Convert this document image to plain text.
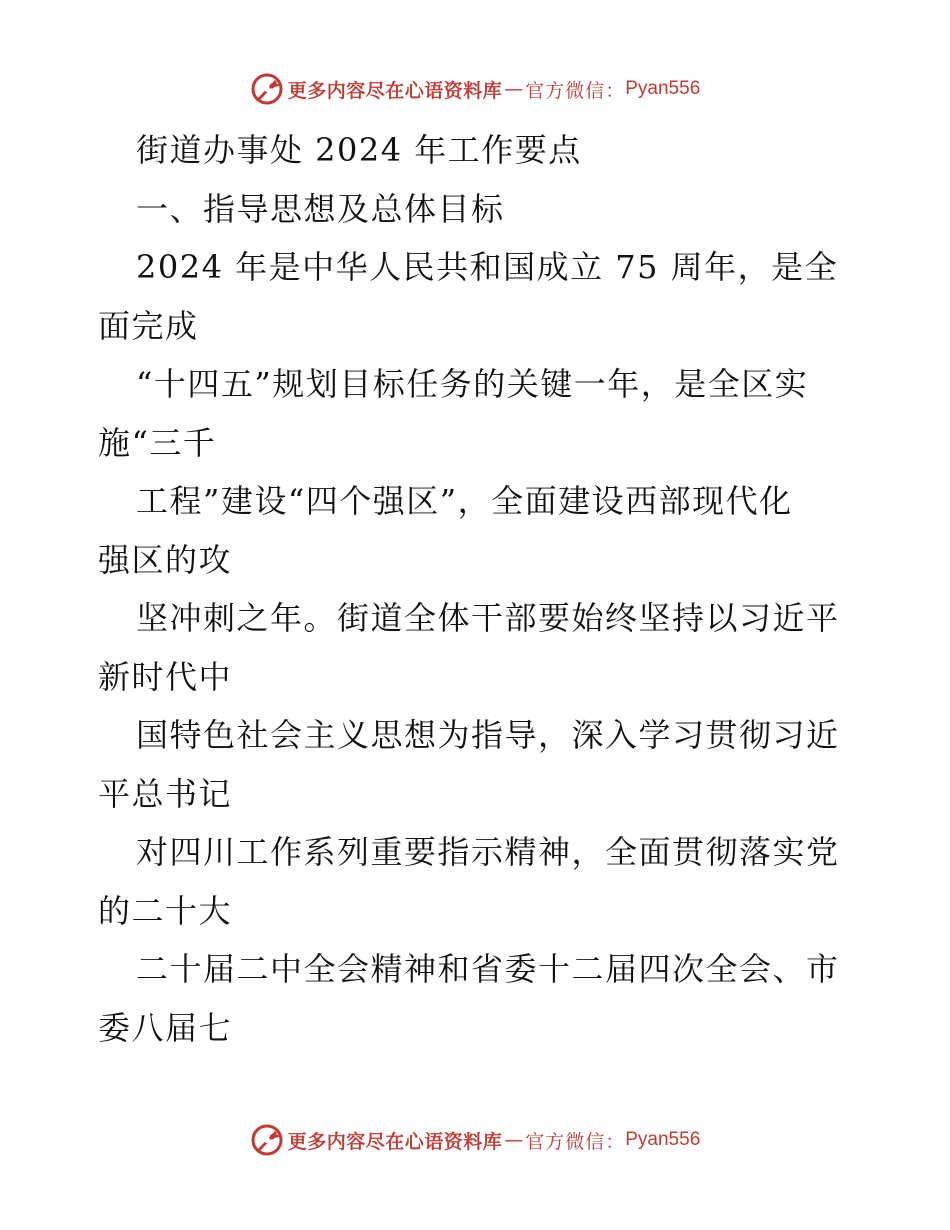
更多内容尽在心语资料库 — 官方微信： Pyan556
街道办事处 2024 年工作要点
一、指导思想及总体目标
2024 年是中华人民共和国成立 75 周年，是全
面完成
“十四五”规划目标任务的关键一年，是全区实
施“三千
工程”建设“四个强区”，全面建设西部现代化
强区的攻
坚冲刺之年。街道全体干部要始终坚持以习近平
新时代中
国特色社会主义思想为指导，深入学习贯彻习近
平总书记
对四川工作系列重要指示精神，全面贯彻落实党
的二十大
二十届二中全会精神和省委十二届四次全会、市
委八届七
更多内容尽在心语资料库 — 官方微信： Pyan556
